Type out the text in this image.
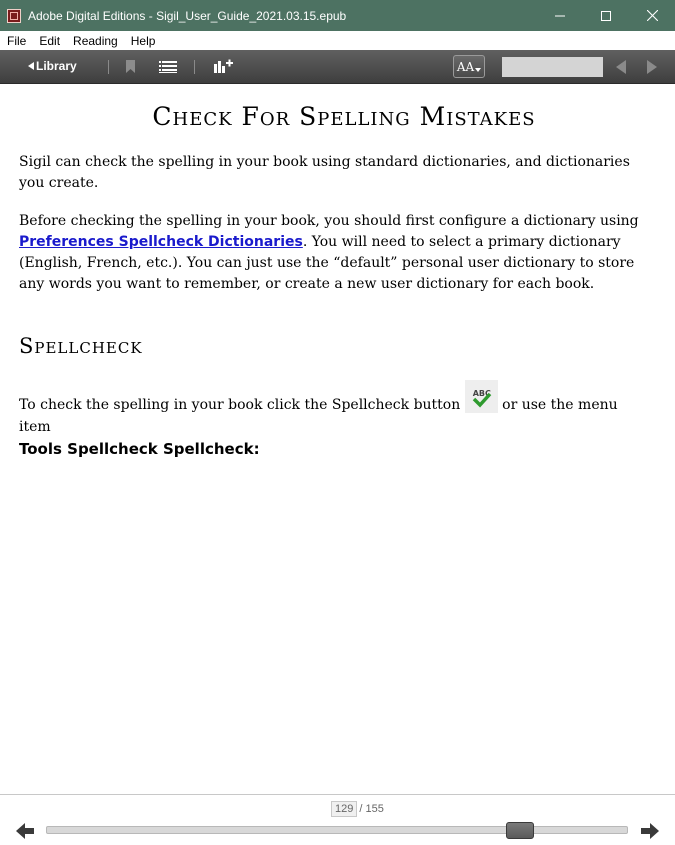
Adobe Digital Editions - Sigil_User_Guide_2021.03.15.epub
File	Edit	Reading	Help
Library	AA
Check For Spelling Mistakes

Sigil can check the spelling in your book using standard dictionaries, and dictionaries you create.

Before checking the spelling in your book, you should first configure a dictionary using Preferences Spellcheck Dictionaries. You will need to select a primary dictionary (English, French, etc.). You can just use the “default” personal user dictionary to store any words you want to remember, or create a new user dictionary for each book.

Spellcheck

To check the spelling in your book click the Spellcheck button
ABC
or use the menu item
Tools Spellcheck Spellcheck:

129 / 155
